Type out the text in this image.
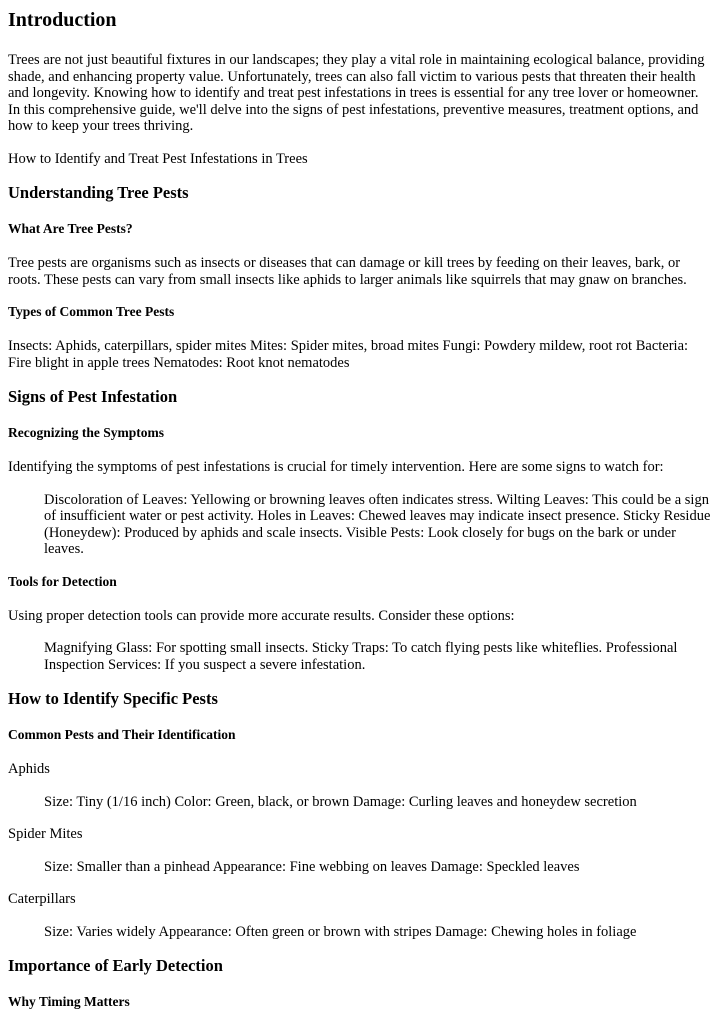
Introduction

Trees are not just beautiful fixtures in our landscapes; they play a vital role in maintaining ecological balance, providing shade, and enhancing property value. Unfortunately, trees can also fall victim to various pests that threaten their health and longevity. Knowing how to identify and treat pest infestations in trees is essential for any tree lover or homeowner. In this comprehensive guide, we'll delve into the signs of pest infestations, preventive measures, treatment options, and how to keep your trees thriving.

How to Identify and Treat Pest Infestations in Trees

Understanding Tree Pests
What Are Tree Pests?

Tree pests are organisms such as insects or diseases that can damage or kill trees by feeding on their leaves, bark, or roots. These pests can vary from small insects like aphids to larger animals like squirrels that may gnaw on branches.

Types of Common Tree Pests

Insects: Aphids, caterpillars, spider mites Mites: Spider mites, broad mites Fungi: Powdery mildew, root rot Bacteria: Fire blight in apple trees Nematodes: Root knot nematodes

Signs of Pest Infestation
Recognizing the Symptoms

Identifying the symptoms of pest infestations is crucial for timely intervention. Here are some signs to watch for:

Discoloration of Leaves: Yellowing or browning leaves often indicates stress. Wilting Leaves: This could be a sign of insufficient water or pest activity. Holes in Leaves: Chewed leaves may indicate insect presence. Sticky Residue (Honeydew): Produced by aphids and scale insects. Visible Pests: Look closely for bugs on the bark or under leaves.
Tools for Detection

Using proper detection tools can provide more accurate results. Consider these options:

Magnifying Glass: For spotting small insects. Sticky Traps: To catch flying pests like whiteflies. Professional Inspection Services: If you suspect a severe infestation.
How to Identify Specific Pests
Common Pests and Their Identification

Aphids

Size: Tiny (1/16 inch) Color: Green, black, or brown Damage: Curling leaves and honeydew secretion

Spider Mites

Size: Smaller than a pinhead Appearance: Fine webbing on leaves Damage: Speckled leaves

Caterpillars

Size: Varies widely Appearance: Often green or brown with stripes Damage: Chewing holes in foliage
Importance of Early Detection
Why Timing Matters
